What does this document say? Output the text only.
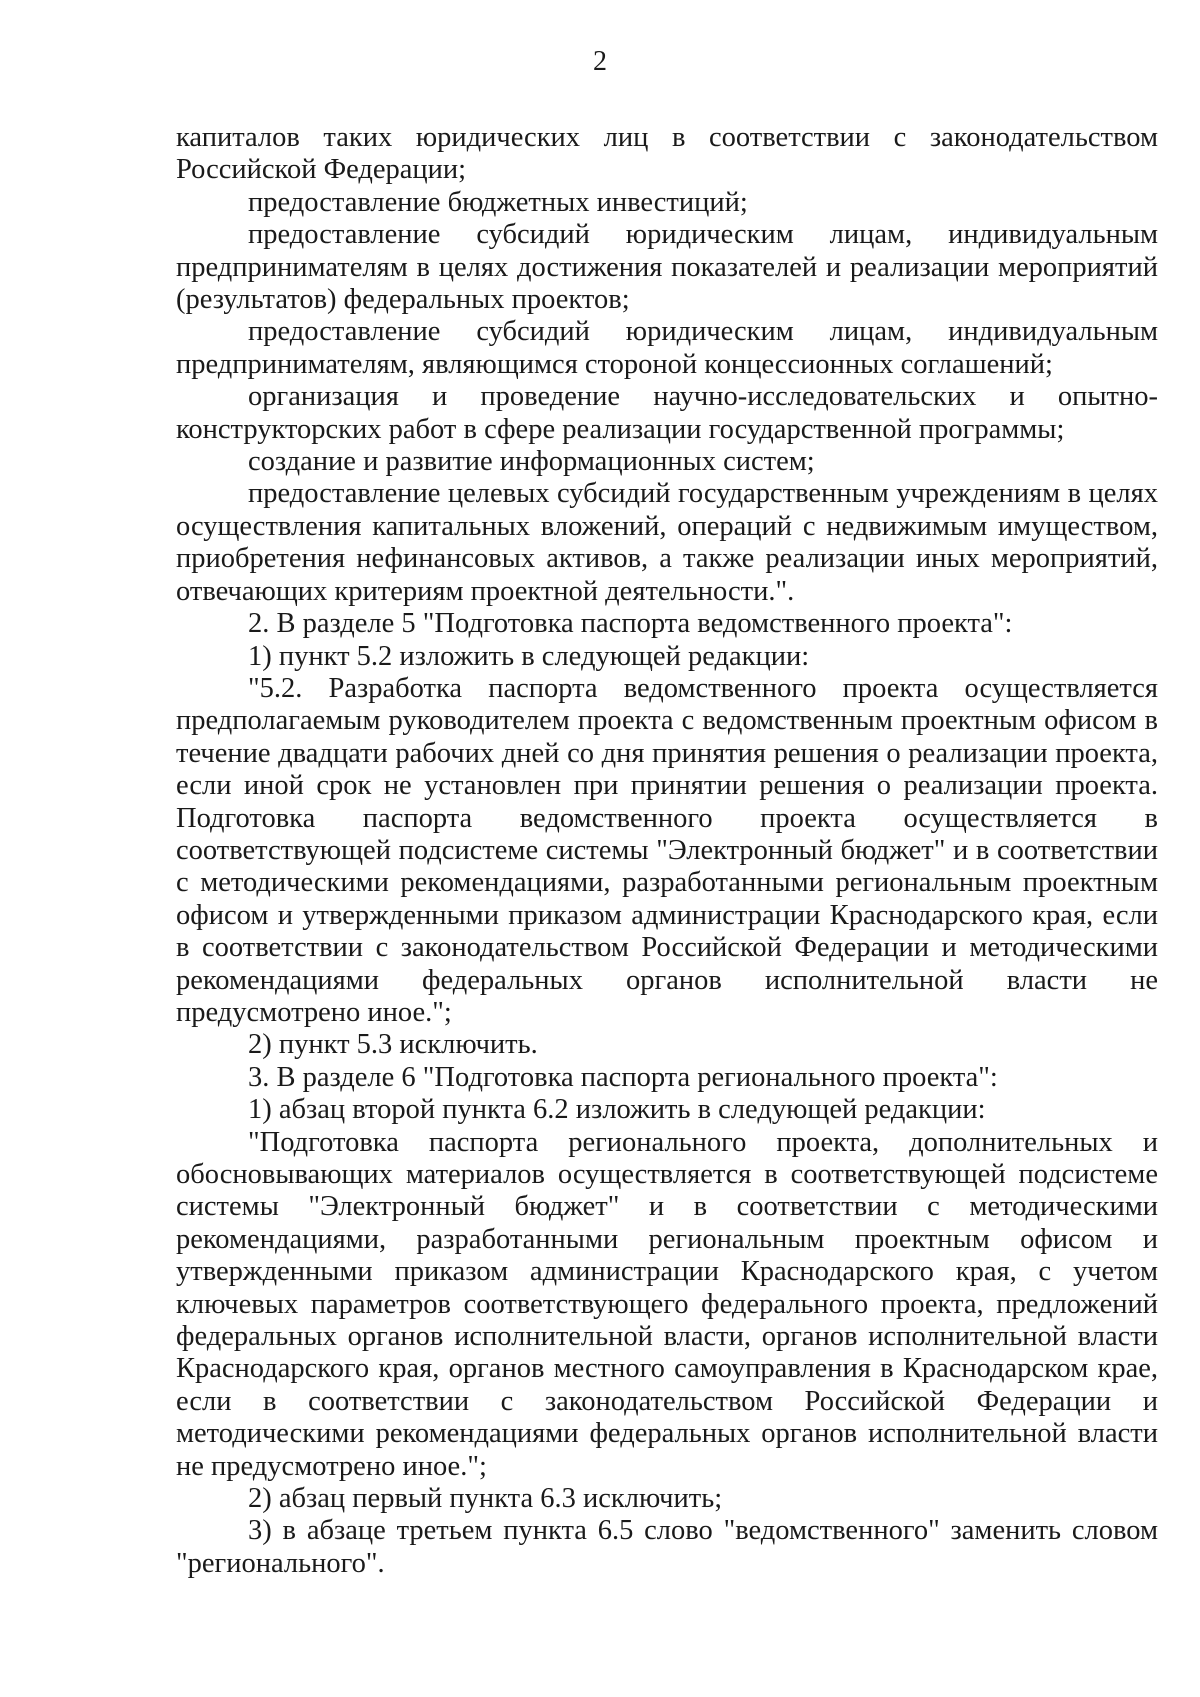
2

капиталов таких юридических лиц в соответствии с законодательством Российской Федерации;

предоставление бюджетных инвестиций;

предоставление субсидий юридическим лицам, индивидуальным предпринимателям в целях достижения показателей и реализации мероприятий (результатов) федеральных проектов;

предоставление субсидий юридическим лицам, индивидуальным предпринимателям, являющимся стороной концессионных соглашений;

организация и проведение научно-исследовательских и опытно-конструкторских работ в сфере реализации государственной программы;

создание и развитие информационных систем;

предоставление целевых субсидий государственным учреждениям в целях осуществления капитальных вложений, операций с недвижимым имуществом, приобретения нефинансовых активов, а также реализации иных мероприятий, отвечающих критериям проектной деятельности.".

2. В разделе 5 "Подготовка паспорта ведомственного проекта":

1) пункт 5.2 изложить в следующей редакции:

"5.2. Разработка паспорта ведомственного проекта осуществляется предполагаемым руководителем проекта с ведомственным проектным офисом в течение двадцати рабочих дней со дня принятия решения о реализации проекта, если иной срок не установлен при принятии решения о реализации проекта. Подготовка паспорта ведомственного проекта осуществляется в соответствующей подсистеме системы "Электронный бюджет" и в соответствии с методическими рекомендациями, разработанными региональным проектным офисом и утвержденными приказом администрации Краснодарского края, если в соответствии с законодательством Российской Федерации и методическими рекомендациями федеральных органов исполнительной власти не предусмотрено иное.";

2) пункт 5.3 исключить.

3. В разделе 6 "Подготовка паспорта регионального проекта":

1) абзац второй пункта 6.2 изложить в следующей редакции:

"Подготовка паспорта регионального проекта, дополнительных и обосновывающих материалов осуществляется в соответствующей подсистеме системы "Электронный бюджет" и в соответствии с методическими рекомендациями, разработанными региональным проектным офисом и утвержденными приказом администрации Краснодарского края, с учетом ключевых параметров соответствующего федерального проекта, предложений федеральных органов исполнительной власти, органов исполнительной власти Краснодарского края, органов местного самоуправления в Краснодарском крае, если в соответствии с законодательством Российской Федерации и методическими рекомендациями федеральных органов исполнительной власти не предусмотрено иное.";

2) абзац первый пункта 6.3 исключить;

3) в абзаце третьем пункта 6.5 слово "ведомственного" заменить словом "регионального".
